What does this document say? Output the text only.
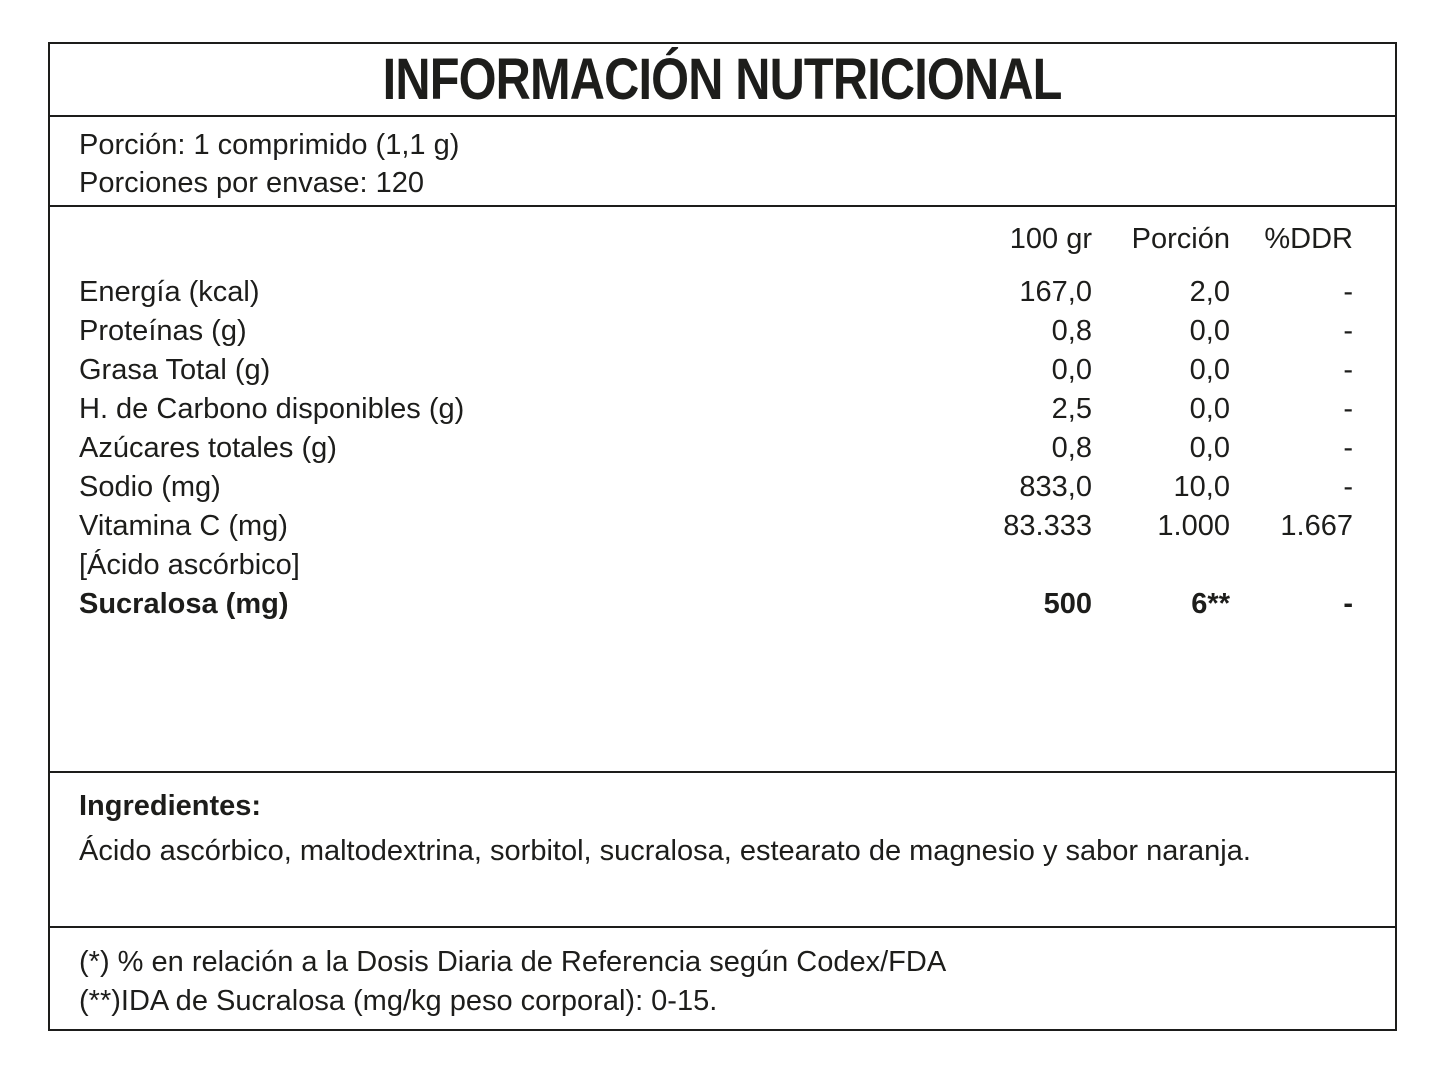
INFORMACIÓN NUTRICIONAL
Porción: 1 comprimido (1,1 g)
Porciones por envase: 120
100 gr	Porción	%DDR
Energía (kcal)	167,0	2,0	-
Proteínas (g)	0,8	0,0	-
Grasa Total (g)	0,0	0,0	-
H. de Carbono disponibles (g)	2,5	0,0	-
Azúcares totales (g)	0,8	0,0	-
Sodio (mg)	833,0	10,0	-
Vitamina C (mg)	83.333	1.000	1.667
[Ácido ascórbico]
Sucralosa (mg)	500	6**	-
Ingredientes:
Ácido ascórbico, maltodextrina, sorbitol, sucralosa, estearato de magnesio y sabor naranja.
(*) % en relación a la Dosis Diaria de Referencia según Codex/FDA
(**)IDA de Sucralosa (mg/kg peso corporal): 0-15.
